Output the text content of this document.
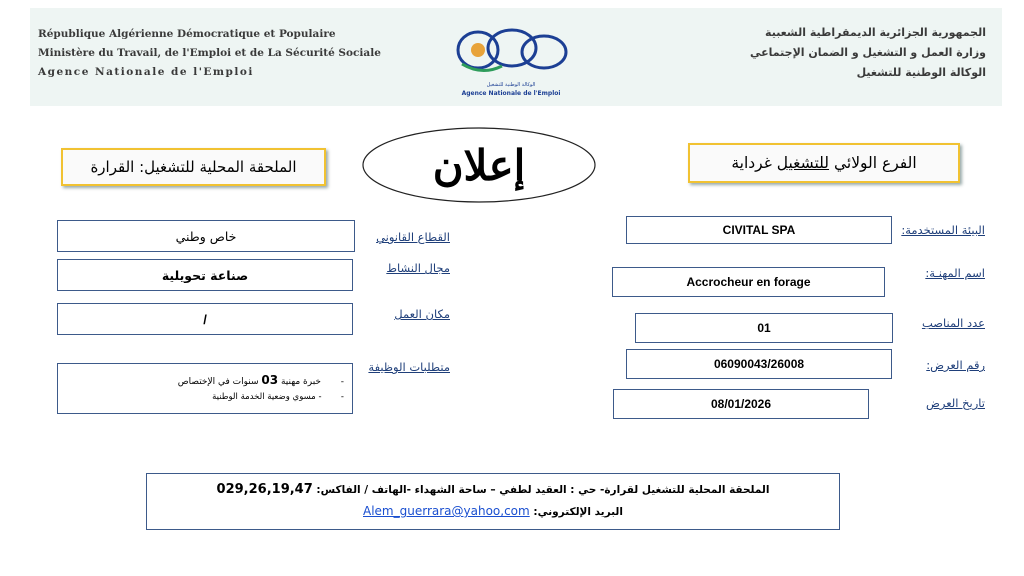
République Algérienne Démocratique et Populaire
Ministère du Travail, de l'Emploi et de La Sécurité Sociale
Agence Nationale de l'Emploi
الجمهورية الجزائرية الديمقراطية الشعبية
وزارة العمل و التشغيل و الضمان الإجتماعي
الوكالة الوطنية للتشغيل
الوكالة الوطنية للتشغيل
Agence Nationale de l'Emploi
الملحقة المحلية للتشغيل: القرارة	إعلان	الفرع الولائي
للتشغيل
غرداية
البيئة المستخدمة:
CIVITAL SPA
اسم المهنـة:
Accrocheur en forage
عدد المناصب
01
رقم العرض:
06090043/26008
تاريخ العرض
08/01/2026
القطاع القانوني
خاص وطني
مجال النشاط
صناعة تحويلية
مكان العمل
/
متطلبات الوظيفة
-  خبرة مهنية 03 سنوات في الإختصاص
-  - مسوي وضعية الخدمة الوطنية
الملحقة المحلية للتشغيل لقرارة- حي : العقيد لطفي – ساحة الشهداء -الهاتف / الفاكس: 029,26,19,47
البريد الإلكتروني: Alem_guerrara@yahoo,com
